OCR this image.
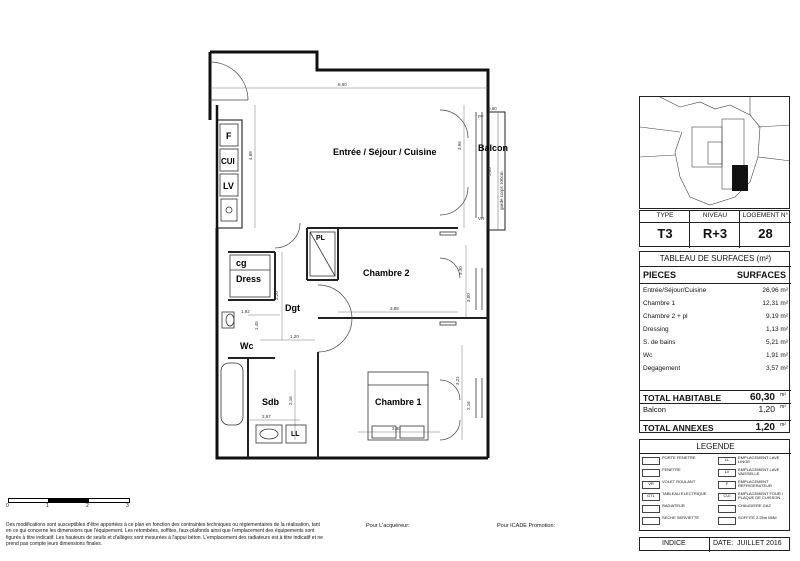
6,60
4,88
3,96
3,00
0,60
3,88
3,30
3,20
1,20
1,92
1,45
2,16
2,57
3,80
3,21
3,00
2,16
PF
VR
garde corps 100cm
Entrée / Séjour / Cuisine	Balcon
Chambre 2
Chambre 1
Dgt
Wc
Sdb
cg
Dress
PL
LL
F
CUI
LV
0	1	2	3
Des modifications sont susceptibles d'être apportées à ce plan en fonction des contraintes techniques ou réglementaires de la réalisation, tant en ce qui concerne les dimensions que l'équipement. Les retombées, soffites, faux-plafonds ainsi que l'emplacement des équipements sont figurés à titre indicatif. Les hauteurs de seuils et d'allèges sont mesurées à l'appui béton. L'emplacement des radiateurs est à titre indicatif et ne prend pas compte leurs dimensions finales.
Pour L'acquéreur:	Pour ICADE Promotion:
TYPE	NIVEAU	LOGEMENT N°
T3	R+3	28
TABLEAU DE SURFACES (m²)
PIECES	SURFACES
Entrée/Séjour/Cuisine	26,96 m²
Chambre 1	12,31 m²
Chambre 2 + pl	9,19 m²
Dressing	1,13 m²
S. de bains	5,21 m²
Wc	1,91 m²
Degagement	3,57 m²
TOTAL HABITABLE	60,30 m²
Balcon	1,20 m²
TOTAL ANNEXES	1,20 m²
LEGENDE
PORTE FENETRE
FENETRE
VR	VOLET ROULANT
GTL	TABLEAU ELECTRIQUE
RADIATEUR
SECHE SERVIETTE
LL	EMPLACEMENT LAVE LINGE
LV	EMPLACEMENT LAVE VAISSELLE
F	EMPLACEMENT REFRIGERATEUR
CUI	EMPLACEMENT FOUR / PLAQUE DE CUISSON
CHAUDIERE GAZ
SOFFITE 2.25m MINI
INDICE	DATE: JUILLET 2016
